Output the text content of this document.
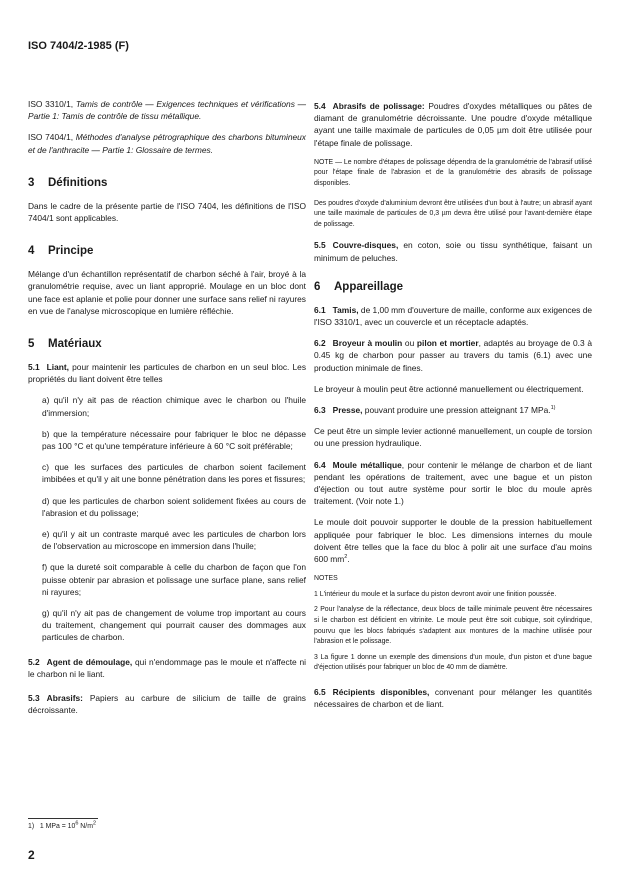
ISO 7404/2-1985 (F)
ISO 3310/1, Tamis de contrôle — Exigences techniques et vérifications — Partie 1: Tamis de contrôle de tissu métallique.
ISO 7404/1, Méthodes d'analyse pétrographique des charbons bitumineux et de l'anthracite — Partie 1: Glossaire de termes.
3 Définitions
Dans le cadre de la présente partie de l'ISO 7404, les définitions de l'ISO 7404/1 sont applicables.
4 Principe
Mélange d'un échantillon représentatif de charbon séché à l'air, broyé à la granulométrie requise, avec un liant approprié. Moulage en un bloc dont une face est aplanie et polie pour donner une surface sans relief ni rayures en vue de l'analyse microscopique en lumière réfléchie.
5 Matériaux
5.1 Liant, pour maintenir les particules de charbon en un seul bloc. Les propriétés du liant doivent être telles
a) qu'il n'y ait pas de réaction chimique avec le charbon ou l'huile d'immersion;
b) que la température nécessaire pour fabriquer le bloc ne dépasse pas 100 °C et qu'une température inférieure à 60 °C soit préférable;
c) que les surfaces des particules de charbon soient facilement imbibées et qu'il y ait une bonne pénétration dans les pores et fissures;
d) que les particules de charbon soient solidement fixées au cours de l'abrasion et du polissage;
e) qu'il y ait un contraste marqué avec les particules de charbon lors de l'observation au microscope en immersion dans l'huile;
f) que la dureté soit comparable à celle du charbon de façon que l'on puisse obtenir par abrasion et polissage une surface plane, sans relief ni rayures;
g) qu'il n'y ait pas de changement de volume trop important au cours du traitement, changement qui pourrait causer des dommages aux particules de charbon.
5.2 Agent de démoulage, qui n'endommage pas le moule et n'affecte ni le charbon ni le liant.
5.3 Abrasifs: Papiers au carbure de silicium de taille de grains décroissante.
1) 1 MPa = $10^6$ $N/m^2$
2
5.4 Abrasifs de polissage: Poudres d'oxydes métalliques ou pâtes de diamant de granulométrie décroissante. Une poudre d'oxyde métallique ayant une taille maximale de particules de 0,05 µm doit être utilisée pour l'étape finale de polissage.
NOTE — Le nombre d'étapes de polissage dépendra de la granulométrie de l'abrasif utilisé pour l'étape finale de l'abrasion et de la granulométrie des abrasifs de polissage disponibles.
Des poudres d'oxyde d'aluminium devront être utilisées d'un bout à l'autre; un abrasif ayant une taille maximale de particules de 0,3 µm devra être utilisé pour l'avant-dernière étape de polissage.
5.5 Couvre-disques, en coton, soie ou tissu synthétique, faisant un minimum de peluches.
6 Appareillage
6.1 Tamis, de 1,00 mm d'ouverture de maille, conforme aux exigences de l'ISO 3310/1, avec un couvercle et un réceptacle adaptés.
6.2 Broyeur à moulin ou pilon et mortier, adaptés au broyage de 0.3 à 0.45 kg de charbon pour passer au travers du tamis (6.1) avec une production minimale de fines.
Le broyeur à moulin peut être actionné manuellement ou électriquement.
6.3 Presse, pouvant produire une pression atteignant 17 MPa.$^{1)}$
Ce peut être un simple levier actionné manuellement, un couple de torsion ou une pression hydraulique.
6.4 Moule métallique, pour contenir le mélange de charbon et de liant pendant les opérations de traitement, avec une bague et un piston d'éjection ou tout autre système pour sortir le bloc du moule après traitement. (Voir note 1.)
Le moule doit pouvoir supporter le double de la pression habituellement appliquée pour fabriquer le bloc. Les dimensions internes du moule doivent être telles que la face du bloc à polir ait une surface d'au moins 600 $mm^2$.
NOTES
1 L'intérieur du moule et la surface du piston devront avoir une finition poussée.
2 Pour l'analyse de la réflectance, deux blocs de taille minimale peuvent être nécessaires si le charbon est déficient en vitrinite. Le moule peut être soit cubique, soit cylindrique, pourvu que les blocs fabriqués s'adaptent aux montures de la machine utilisée pour l'abrasion et le polissage.
3 La figure 1 donne un exemple des dimensions d'un moule, d'un piston et d'une bague d'éjection utilisés pour fabriquer un bloc de 40 mm de diamètre.
6.5 Récipients disponibles, convenant pour mélanger les quantités nécessaires de charbon et de liant.
